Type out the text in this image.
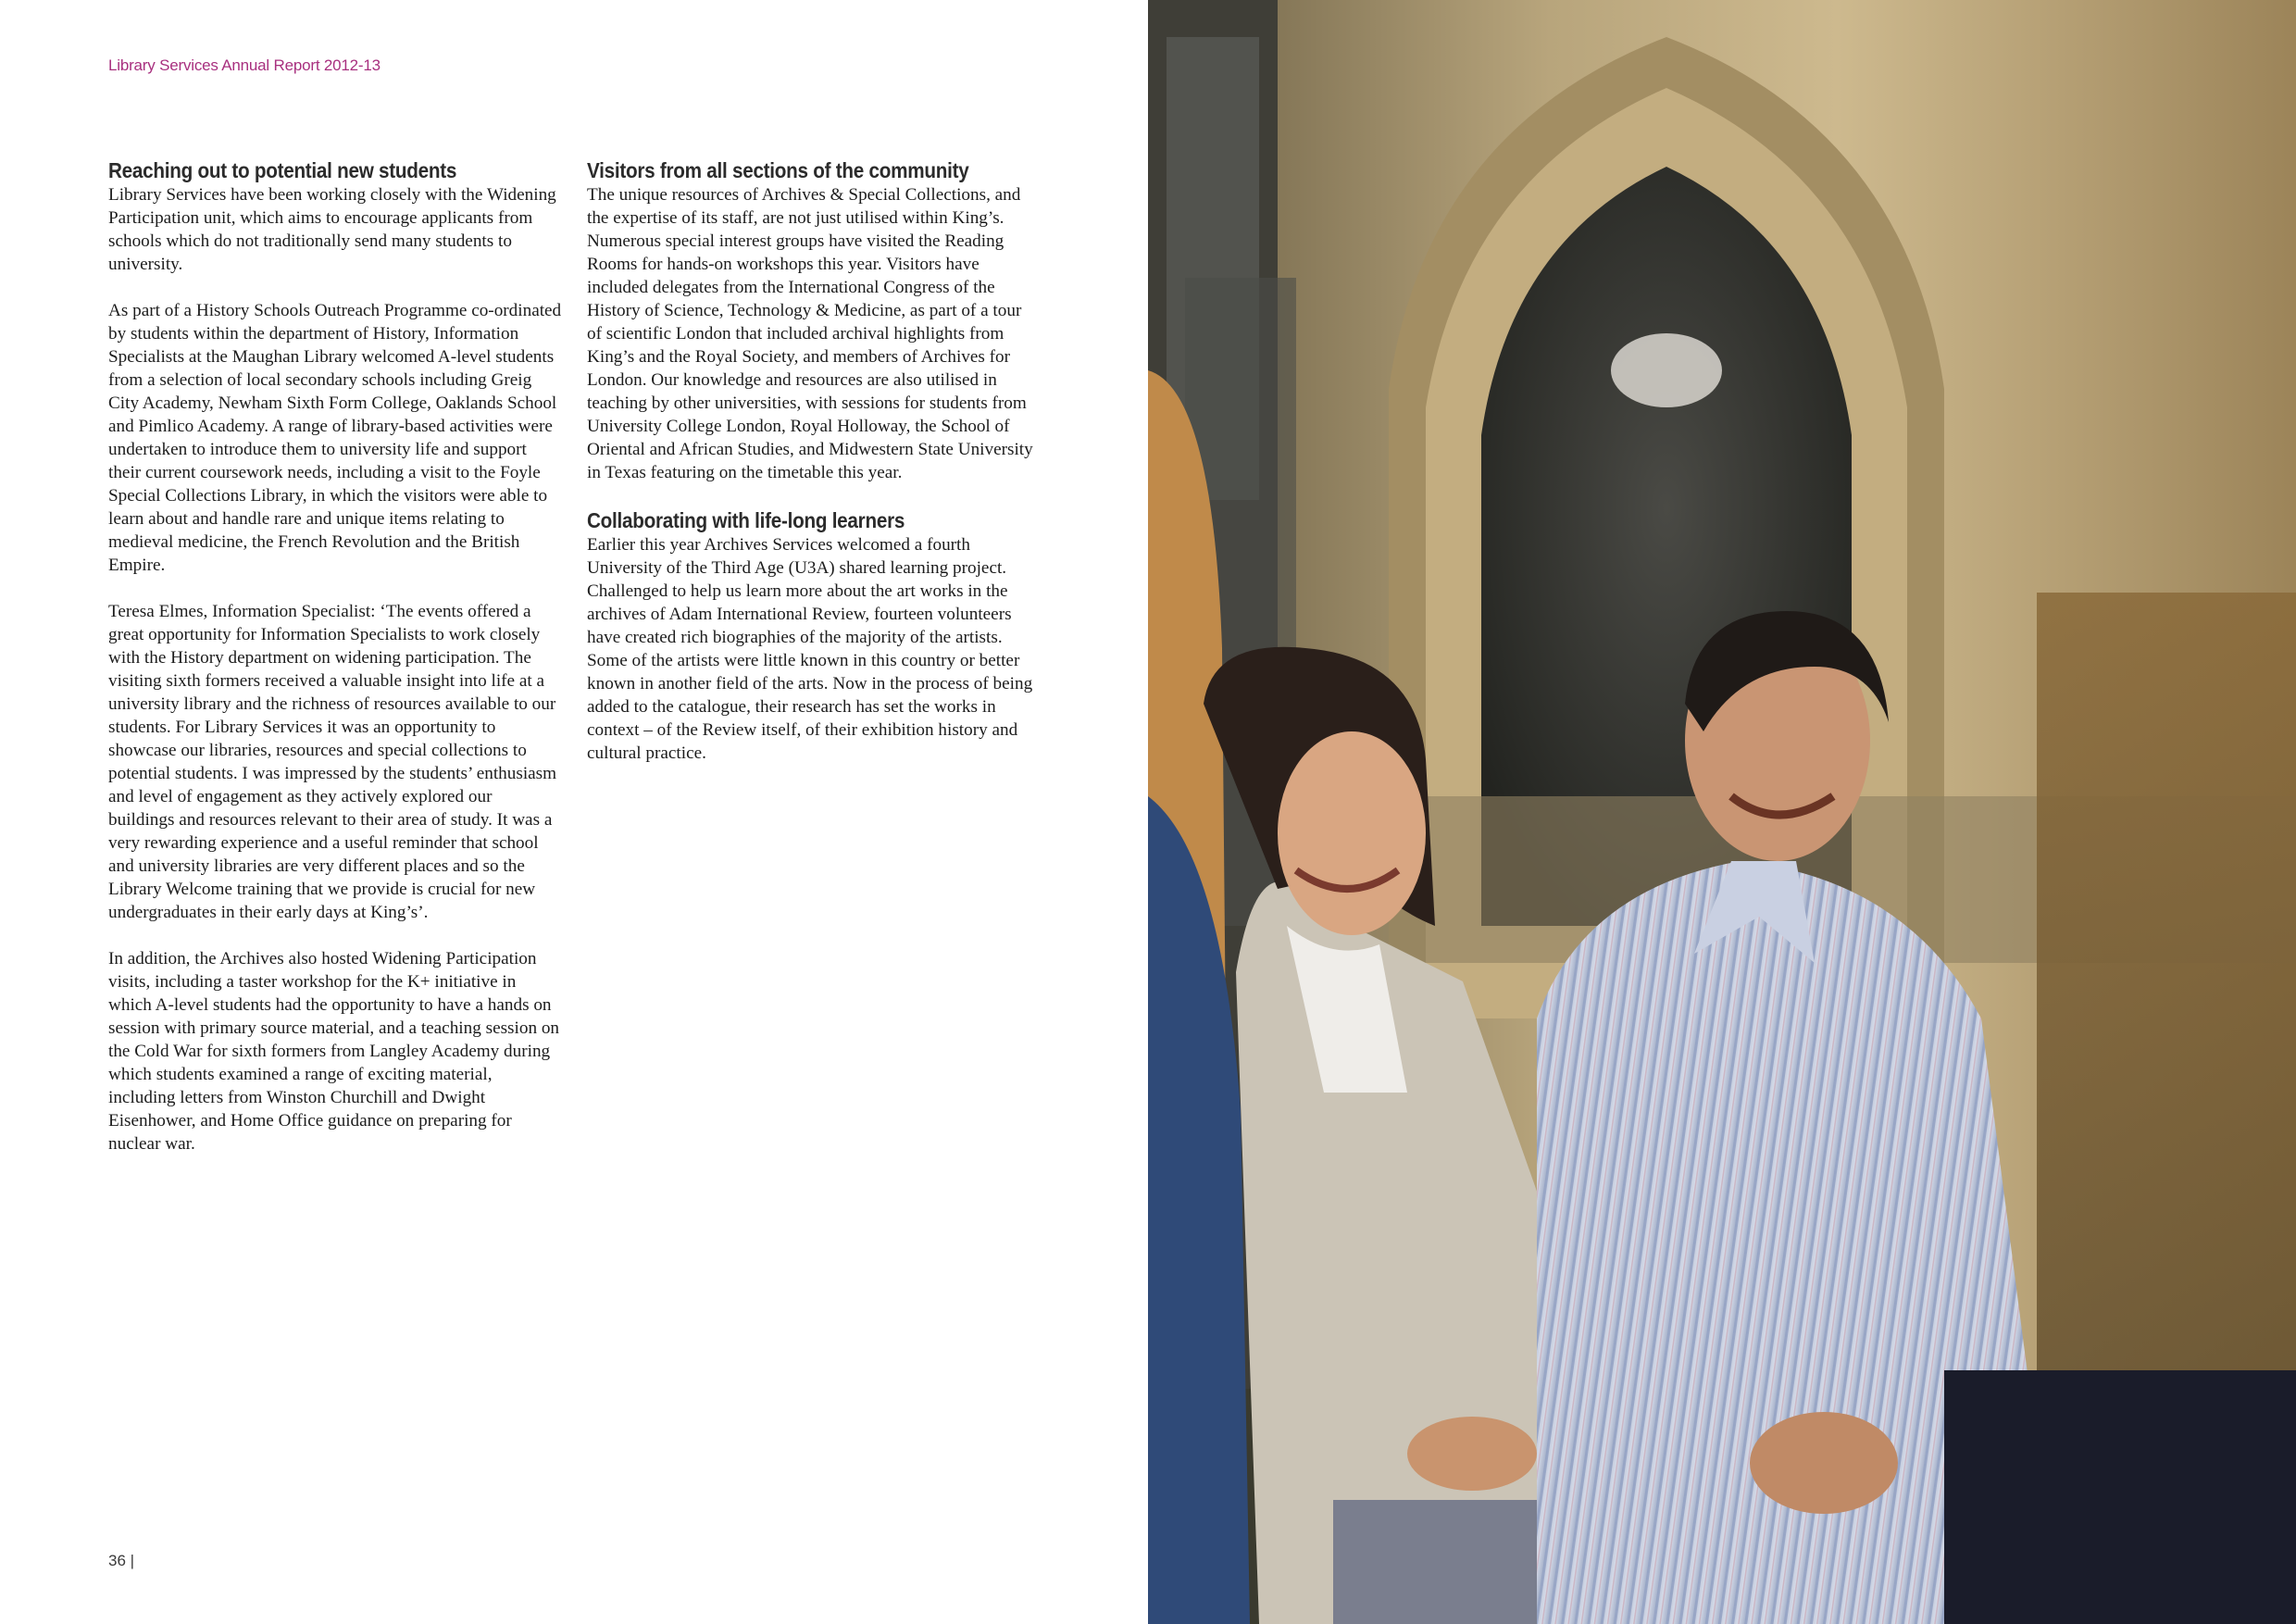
Library Services Annual Report 2012-13
Reaching out to potential new students

Library Services have been working closely with the Widening Participation unit, which aims to encourage applicants from schools which do not traditionally send many students to university.

As part of a History Schools Outreach Programme co-ordinated by students within the department of History, Information Specialists at the Maughan Library welcomed A-level students from a selection of local secondary schools including Greig City Academy, Newham Sixth Form College, Oaklands School and Pimlico Academy. A range of library-based activities were undertaken to introduce them to university life and support their current coursework needs, including a visit to the Foyle Special Collections Library, in which the visitors were able to learn about and handle rare and unique items relating to medieval medicine, the French Revolution and the British Empire.

Teresa Elmes, Information Specialist: ‘The events offered a great opportunity for Information Specialists to work closely with the History department on widening participation. The visiting sixth formers received a valuable insight into life at a university library and the richness of resources available to our students. For Library Services it was an opportunity to showcase our libraries, resources and special collections to potential students. I was impressed by the students’ enthusiasm and level of engagement as they actively explored our buildings and resources relevant to their area of study. It was a very rewarding experience and a useful reminder that school and university libraries are very different places and so the Library Welcome training that we provide is crucial for new undergraduates in their early days at King’s’.

In addition, the Archives also hosted Widening Participation visits, including a taster workshop for the K+ initiative in which A-level students had the opportunity to have a hands on session with primary source material, and a teaching session on the Cold War for sixth formers from Langley Academy during which students examined a range of exciting material, including letters from Winston Churchill and Dwight Eisenhower, and Home Office guidance on preparing for nuclear war.

Visitors from all sections of the community

The unique resources of Archives & Special Collections, and the expertise of its staff, are not just utilised within King’s. Numerous special interest groups have visited the Reading Rooms for hands-on workshops this year. Visitors have included delegates from the International Congress of the History of Science, Technology & Medicine, as part of a tour of scientific London that included archival highlights from King’s and the Royal Society, and members of Archives for London. Our knowledge and resources are also utilised in teaching by other universities, with sessions for students from University College London, Royal Holloway, the School of Oriental and African Studies, and Midwestern State University in Texas featuring on the timetable this year.

Collaborating with life-long learners

Earlier this year Archives Services welcomed a fourth University of the Third Age (U3A) shared learning project. Challenged to help us learn more about the art works in the archives of Adam International Review, fourteen volunteers have created rich biographies of the majority of the artists. Some of the artists were little known in this country or better known in another field of the arts. Now in the process of being added to the catalogue, their research has set the works in context – of the Review itself, of their exhibition history and cultural practice.

36 |
